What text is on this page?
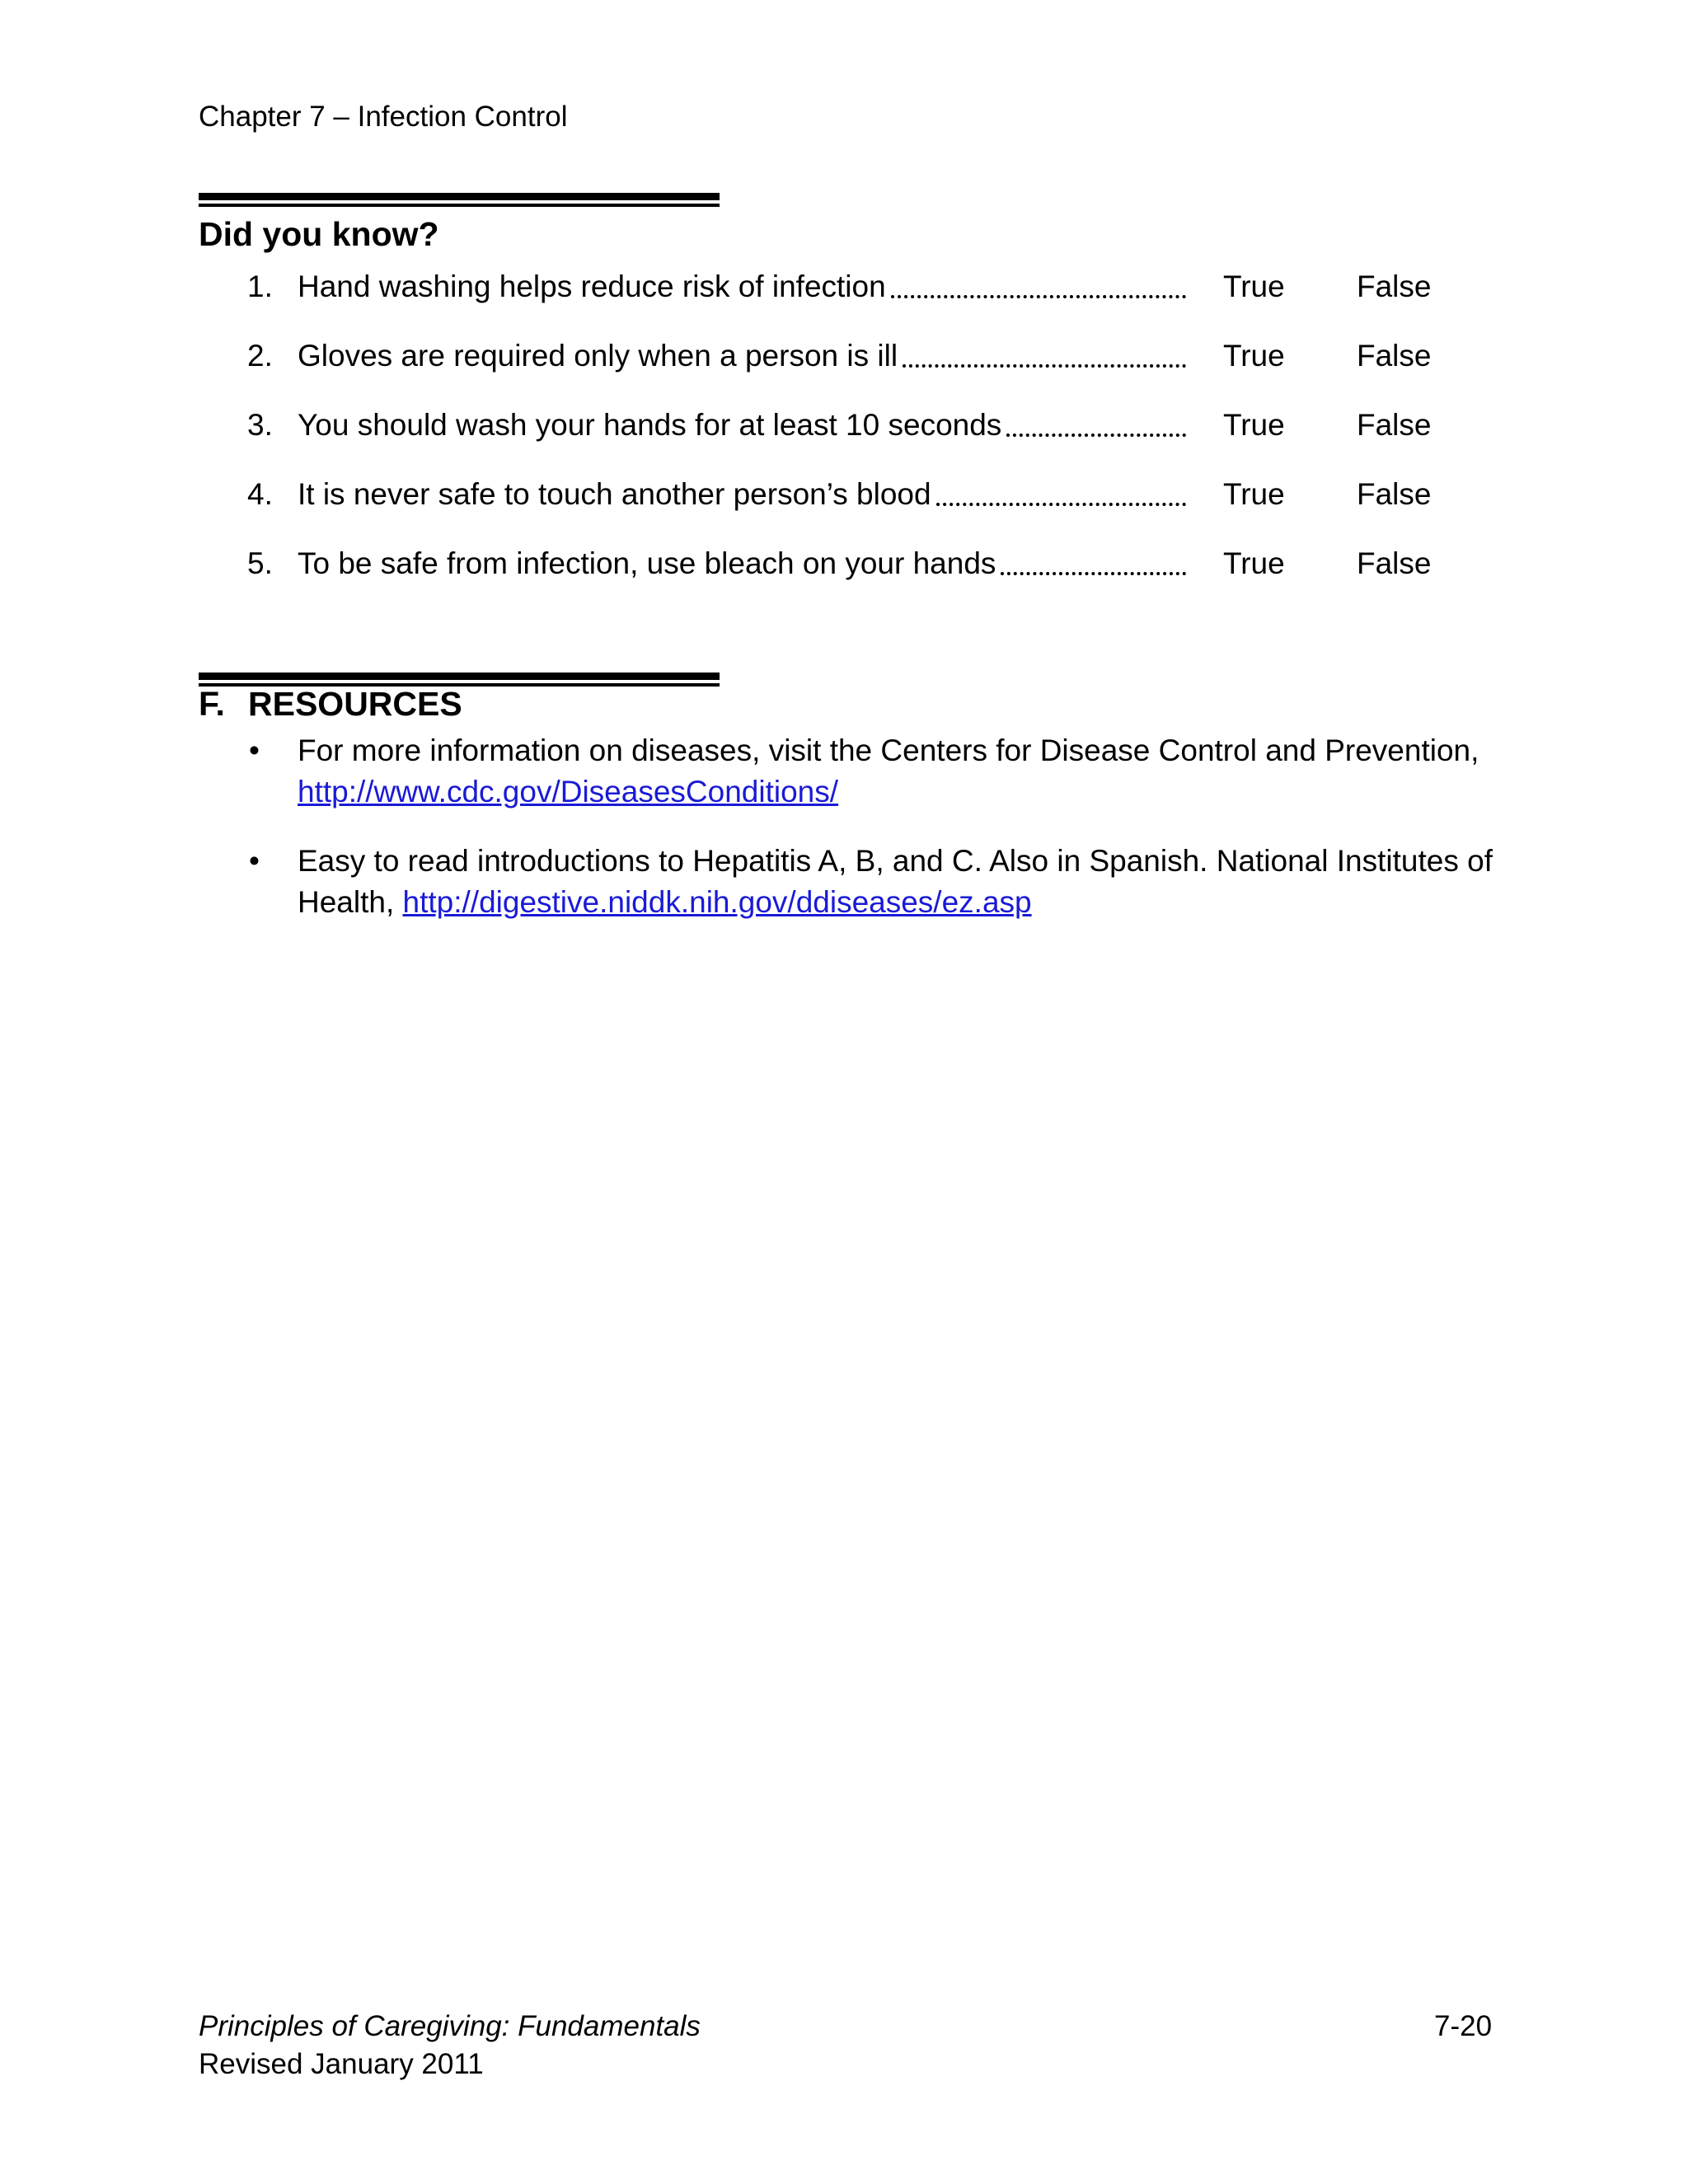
Chapter 7 – Infection Control
Did you know?
1. Hand washing helps reduce risk of infection	True False
2. Gloves are required only when a person is ill	True False
3. You should wash your hands for at least 10 seconds	True False
4. It is never safe to touch another person’s blood	True False
5. To be safe from infection, use bleach on your hands	True False
F. RESOURCES
• For more information on diseases, visit the Centers for Disease Control and Prevention, http://www.cdc.gov/DiseasesConditions/
• Easy to read introductions to Hepatitis A, B, and C. Also in Spanish. National Institutes of Health, http://digestive.niddk.nih.gov/ddiseases/ez.asp
Principles of Caregiving: Fundamentals
Revised January 2011
7-20
